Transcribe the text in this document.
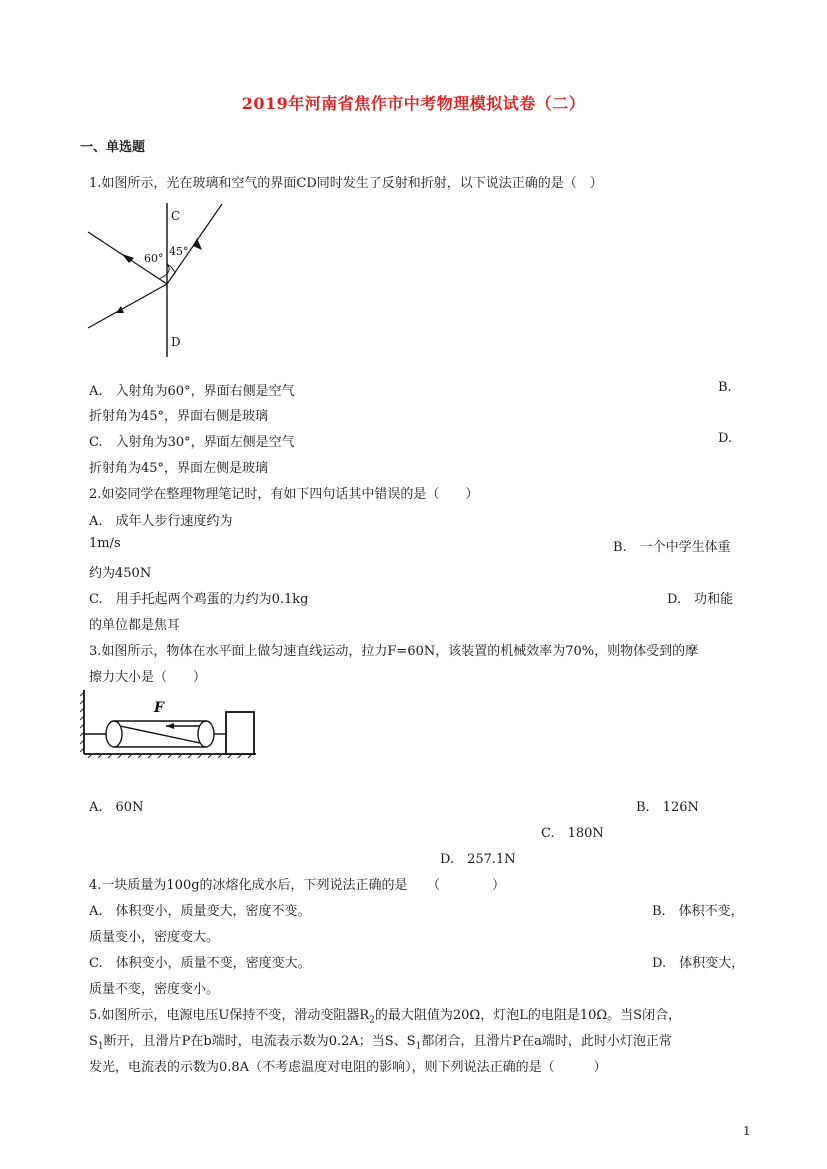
2019年河南省焦作市中考物理模拟试卷（二）
一、单选题
1.如图所示，光在玻璃和空气的界面CD同时发生了反射和折射，以下说法正确的是（　）
C
D
60°
45°
A.　入射角为60°，界面右侧是空气	B.
折射角为45°，界面右侧是玻璃
C.　入射角为30°，界面左侧是空气	D.
折射角为45°，界面左侧是玻璃
2.如姿同学在整理物理笔记时，有如下四句话其中错误的是（　　）
A.　成年人步行速度约为
1m/s	B.　一个中学生体重
约为450N
C.　用手托起两个鸡蛋的力约为0.1kg	D.　功和能
的单位都是焦耳
3.如图所示，物体在水平面上做匀速直线运动，拉力F=60N，该装置的机械效率为70%，则物体受到的摩
擦力大小是（　　）
F
A.　60N	B.　126N
C.　180N
D.　257.1N
4.一块质量为100g的冰熔化成水后，下列说法正确的是　　（　　　　）
A.　体积变小，质量变大，密度不变。	B.　体积不变，
质量变小，密度变大。
C.　体积变小，质量不变，密度变大。	D.　体积变大，
质量不变，密度变小。
5.如图所示，电源电压U保持不变，滑动变阻器$R_2$的最大阻值为20Ω，灯泡L的电阻是10Ω。当S闭合，
$S_1$断开，且滑片P在b端时，电流表示数为0.2A；当S、$S_1$都闭合，且滑片P在a端时，此时小灯泡正常
发光，电流表的示数为0.8A（不考虑温度对电阻的影响），则下列说法正确的是（　　　）
1
